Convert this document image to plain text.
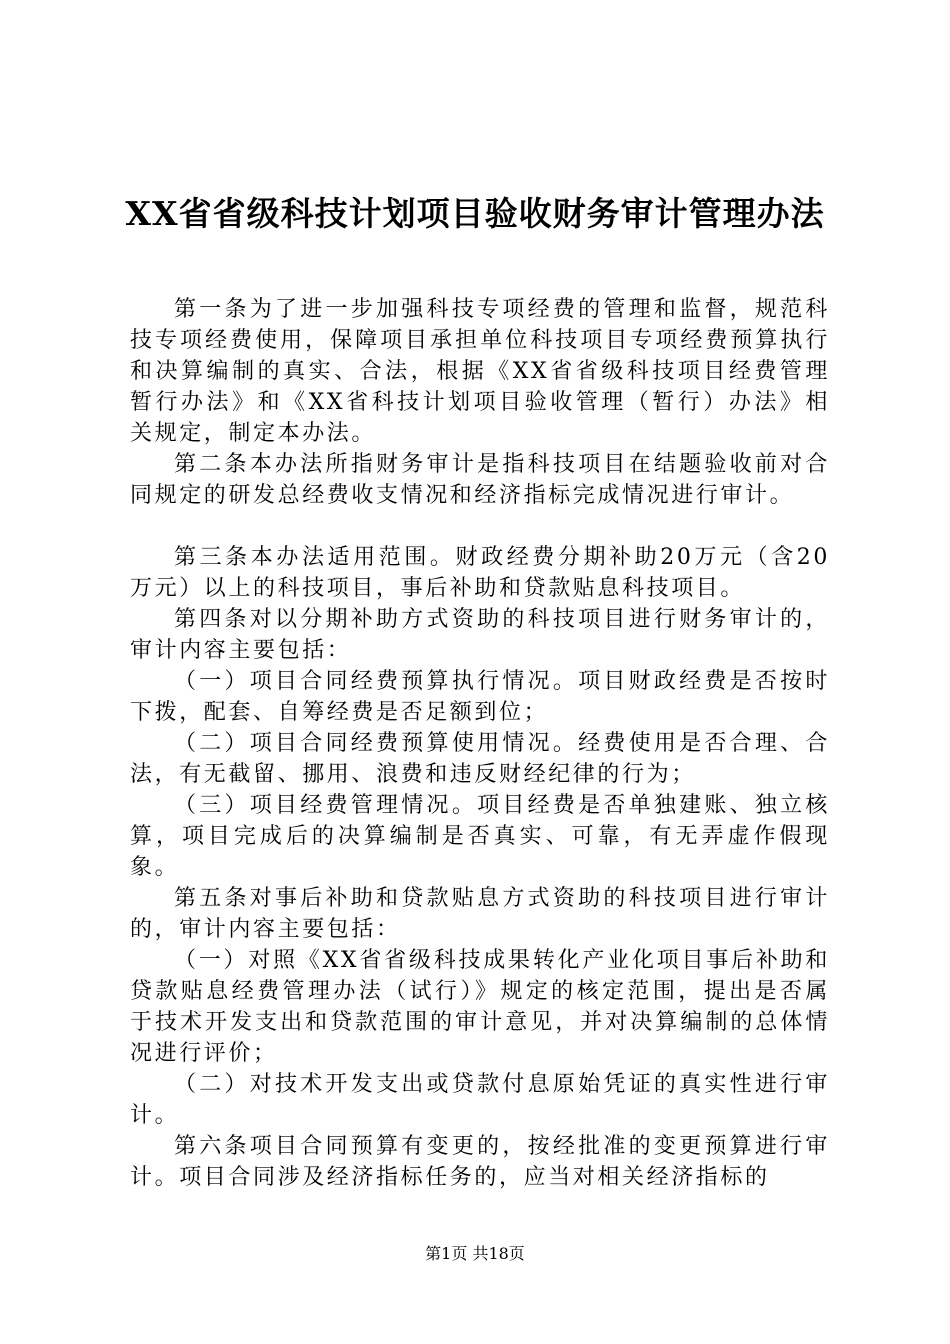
XX省省级科技计划项目验收财务审计管理办法

第一条为了进一步加强科技专项经费的管理和监督，规范科技专项经费使用，保障项目承担单位科技项目专项经费预算执行和决算编制的真实、合法，根据《XX省省级科技项目经费管理暂行办法》和《XX省科技计划项目验收管理（暂行）办法》相关规定，制定本办法。

第二条本办法所指财务审计是指科技项目在结题验收前对合同规定的研发总经费收支情况和经济指标完成情况进行审计。

第三条本办法适用范围。财政经费分期补助20万元（含20万元）以上的科技项目，事后补助和贷款贴息科技项目。

第四条对以分期补助方式资助的科技项目进行财务审计的，审计内容主要包括：

（一）项目合同经费预算执行情况。项目财政经费是否按时下拨，配套、自筹经费是否足额到位；

（二）项目合同经费预算使用情况。经费使用是否合理、合法，有无截留、挪用、浪费和违反财经纪律的行为；

（三）项目经费管理情况。项目经费是否单独建账、独立核算，项目完成后的决算编制是否真实、可靠，有无弄虚作假现象。

第五条对事后补助和贷款贴息方式资助的科技项目进行审计的，审计内容主要包括：

（一）对照《XX省省级科技成果转化产业化项目事后补助和贷款贴息经费管理办法（试行）》规定的核定范围，提出是否属于技术开发支出和贷款范围的审计意见，并对决算编制的总体情况进行评价；

（二）对技术开发支出或贷款付息原始凭证的真实性进行审计。

第六条项目合同预算有变更的，按经批准的变更预算进行审计。项目合同涉及经济指标任务的，应当对相关经济指标的

第1页 共18页
